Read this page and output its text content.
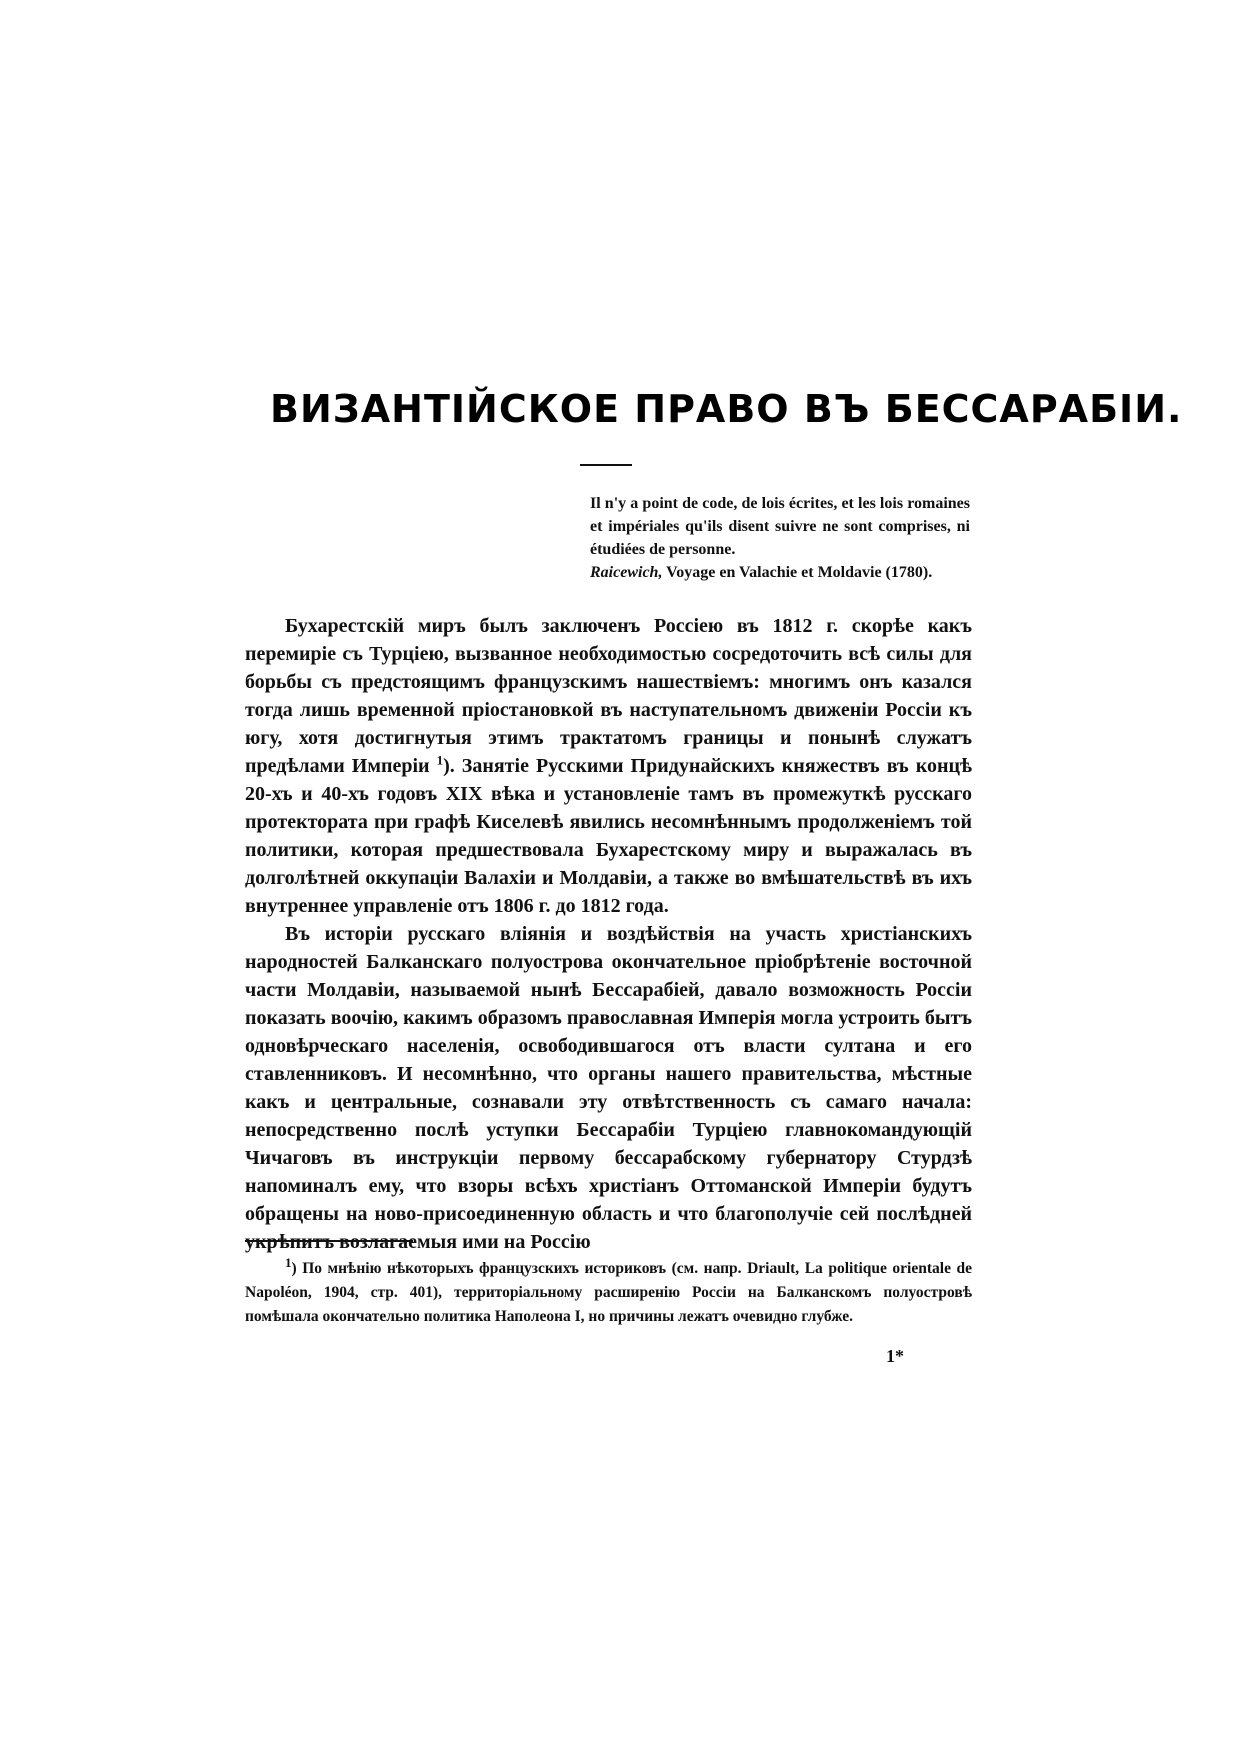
ВИЗАНТІЙСКОЕ ПРАВО ВЪ БЕССАРАБІИ.

Il n'y a point de code, de lois écrites, et les lois romaines et impériales qu'ils disent suivre ne sont comprises, ni étudiées de personne.

Raicewich, Voyage en Valachie et Moldavie (1780).

Бухарестскій миръ былъ заключенъ Россіею въ 1812 г. скорѣе какъ перемиріе съ Турціею, вызванное необходимостью сосредоточить всѣ силы для борьбы съ предстоящимъ французскимъ нашествіемъ: многимъ онъ казался тогда лишь временной пріостановкой въ наступательномъ движеніи Россіи къ югу, хотя достигнутыя этимъ трактатомъ границы и понынѣ служатъ предѣлами Имперіи $^1$). Занятіе Русскими Придунайскихъ княжествъ въ концѣ 20-хъ и 40-хъ годовъ XIX вѣка и установленіе тамъ въ промежуткѣ русскаго протектората при графѣ Киселевѣ явились несомнѣннымъ продолженіемъ той политики, которая предшествовала Бухарестскому миру и выражалась въ долголѣтней оккупаціи Валахіи и Молдавіи, а также во вмѣшательствѣ въ ихъ внутреннее управленіе отъ 1806 г. до 1812 года.

Въ исторіи русскаго вліянія и воздѣйствія на участь христіанскихъ народностей Балканскаго полуострова окончательное пріобрѣтеніе восточной части Молдавіи, называемой нынѣ Бессарабіей, давало возможность Россіи показать воочію, какимъ образомъ православная Имперія могла устроить бытъ одновѣрческаго населенія, освободившагося отъ власти султана и его ставленниковъ. И несомнѣнно, что органы нашего правительства, мѣстные какъ и центральные, сознавали эту отвѣтственность съ самаго начала: непосредственно послѣ уступки Бессарабіи Турціею главнокомандующій Чичаговъ въ инструкціи первому бессарабскому губернатору Стурдзѣ напоминалъ ему, что взоры всѣхъ христіанъ Оттоманской Имперіи будутъ обращены на ново-присоединенную область и что благополучіе сей послѣдней укрѣпитъ возлагаемыя ими на Россію

$^1$) По мнѣнію нѣкоторыхъ французскихъ историковъ (см. напр. Driault, La politique orientale de Napoléon, 1904, стр. 401), территоріальному расширенію Россіи на Балканскомъ полуостровѣ помѣшала окончательно политика Наполеона I, но причины лежатъ очевидно глубже.

1*
